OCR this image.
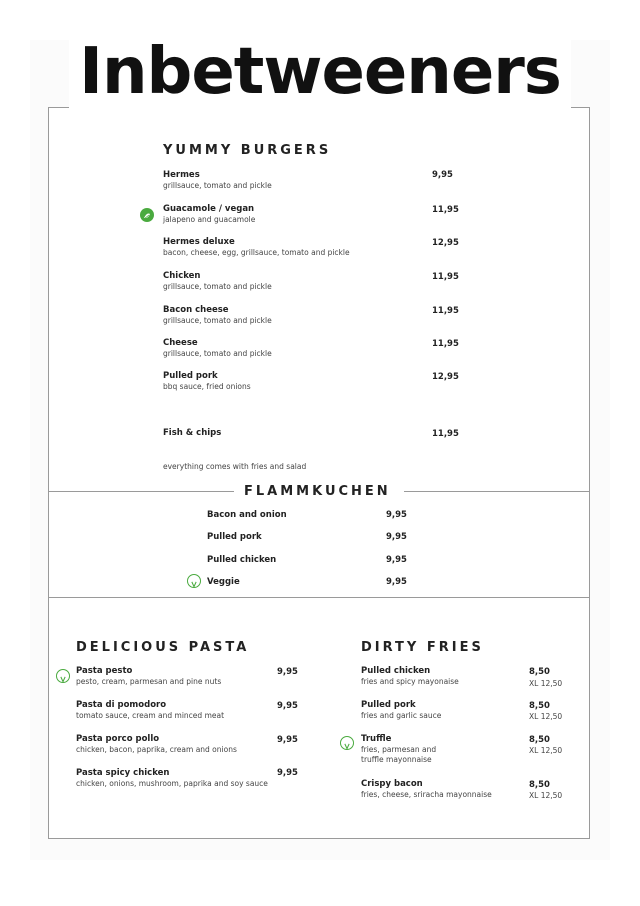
Inbetweeners
YUMMY BURGERS
Hermes
grillsauce, tomato and pickle
9,95
Guacamole / vegan
jalapeno and guacamole
11,95
Hermes deluxe
bacon, cheese, egg, grillsauce, tomato and pickle
12,95
Chicken
grillsauce, tomato and pickle
11,95
Bacon cheese
grillsauce, tomato and pickle
11,95
Cheese
grillsauce, tomato and pickle
11,95
Pulled pork
bbq sauce, fried onions
12,95
Fish & chips	11,95
everything comes with fries and salad
FLAMMKUCHEN
Bacon and onion	9,95
Pulled pork	9,95
Pulled chicken	9,95
Veggie	9,95
DELICIOUS PASTA
Pasta pesto
pesto, cream, parmesan and pine nuts
9,95
Pasta di pomodoro
tomato sauce, cream and minced meat
9,95
Pasta porco pollo
chicken, bacon, paprika, cream and onions
9,95
Pasta spicy chicken
chicken, onions, mushroom, paprika and soy sauce
9,95
DIRTY FRIES
Pulled chicken
fries and spicy mayonaise
8,50
XL 12,50
Pulled pork
fries and garlic sauce
8,50
XL 12,50
Truffle
fries, parmesan and
truffle mayonnaise
8,50
XL 12,50
Crispy bacon
fries, cheese, sriracha mayonnaise
8,50
XL 12,50
